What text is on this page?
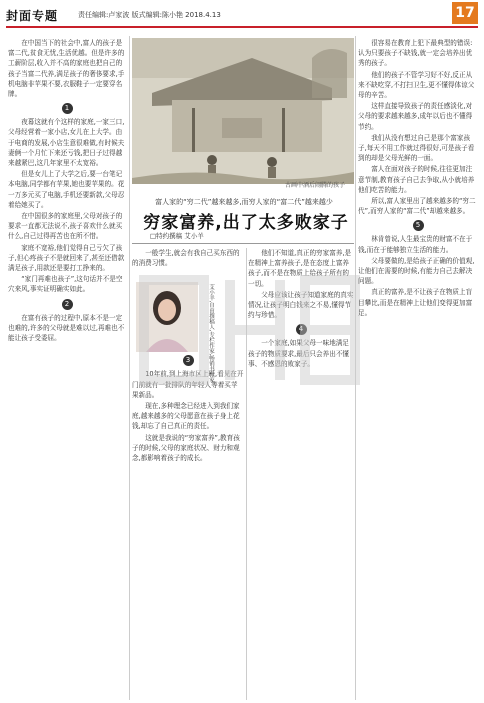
封面专题	责任编辑:卢家波 版式编辑:陈小艳 2018.4.13	17

在中国当下的社会中,富人的孩子是富二代,贫食无忧,生活优越。但是许多的工薪阶层,收入并不高的家庭也把自己的孩子当富二代养,满足孩子的奢侈要求,手机电脑非苹果不要,衣服鞋子一定要穿名牌。

1

夜幕这就有个这样的家庭,一家三口,父母经营着一家小店,女儿在上大学。由于电商的发展,小店生意很难做,有时候夫妻俩一个月忙下来还亏钱,把日子过得越来越紧巴,这几年家里不太宽裕。

但是女儿上了大学之后,要一台笔记本电脑,同学都有苹果,她也要苹果的。花一万多元买了电脑,手机还要新款,父母忍着给她买了。

在中国很多的家庭里,父母对孩子的要求一直都无法说不,孩子喜欢什么就买什么,自己过得再苦也在所不惜。

家庭不宽裕,他们觉得自己亏欠了孩子,但心疼孩子不是就回来了,甚至还借款满足孩子,用款还是要打工挣来的。

“家门再难也孩子”,这句话并不是空穴来风,事实证明确实如此。

2

在富有孩子的过程中,原本不是一定也难的,许多的父母就是难以过,再难也不能让孩子受委屈。

古画中酒后闹腾的孩子
富人家的“穷二代”越来越多,而穷人家的“富二代”越来越少
穷家富养,出了太多败家子
□特约撰稿 艾小羊

一般学生,就会有我自己买东西的的消费习惯。

3

10年前,到上海市区上班,看见在开门前就有一批排队的年轻人等着买苹果新品。

现在,多种理念已经进入到我们家庭,越来越多的父母愿意在孩子身上花钱,却忘了自己真正的责任。

这就是我说的“穷家富养”,教育孩子的时候,父母的家庭状况、财力和观念,都影响着孩子的成长。

他们不知道,真正的穷家富养,是在精神上富养孩子,是在态度上富养孩子,而不是在物质上给孩子所有的一切。

父母应该让孩子知道家庭的真实情况,让孩子明白钱来之不易,懂得节约与珍惜。

4

一个家庭,如果父母一味地满足孩子的物质要求,最后只会养出不懂事、不感恩的败家子。

艾小羊,自由撰稿人,专栏作家,畅销书作家。

很容易在教育上犯下最典型的错误:认为只要孩子不缺钱,就一定会培养出优秀的孩子。

他们的孩子不管学习好不好,反正从来不缺吃穿,不打扫卫生,更不懂得体谅父母的辛苦。

这样直接导致孩子的责任感淡化,对父母的要求越来越多,成年以后也不懂得节约。

我们从没有想过自己是那个富家孩子,每天不用工作就过得很好,可是孩子看到的却是父母光鲜的一面。

富人在面对孩子的时候,往往更加注意节制,教育孩子自己去争取,从小就培养他们吃苦的能力。

所以,富人家里出了越来越多的“穷二代”,而穷人家的“富二代”却越来越多。

5

林肯曾说,人生最宝贵的财富不在于钱,而在于能够独立生活的能力。

父母要做的,是给孩子正确的价值观,让他们在需要的时候,有能力自己去解决问题。

真正的富养,是不让孩子在物质上盲目攀比,而是在精神上让他们变得更加富足。
